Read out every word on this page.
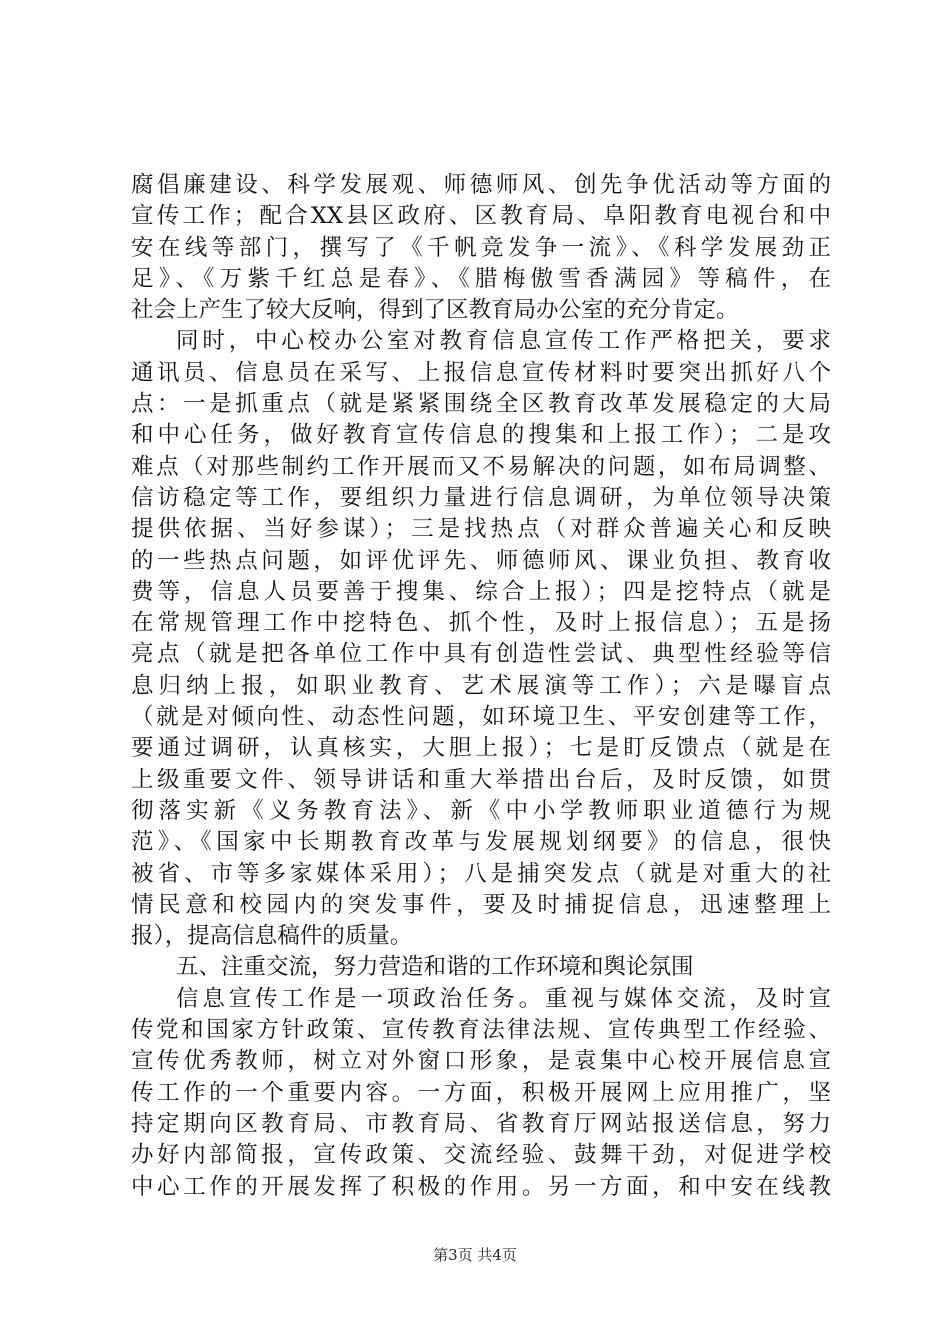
腐倡廉建设、科学发展观、师德师风、创先争优活动等方面的
宣传工作；配合XX县区政府、区教育局、阜阳教育电视台和中
安在线等部门，撰写了《千帆竞发争一流》、《科学发展劲正
足》、《万紫千红总是春》、《腊梅傲雪香满园》等稿件，在
社会上产生了较大反响，得到了区教育局办公室的充分肯定。
同时，中心校办公室对教育信息宣传工作严格把关，要求
通讯员、信息员在采写、上报信息宣传材料时要突出抓好八个
点：一是抓重点（就是紧紧围绕全区教育改革发展稳定的大局
和中心任务，做好教育宣传信息的搜集和上报工作）；二是攻
难点（对那些制约工作开展而又不易解决的问题，如布局调整、
信访稳定等工作，要组织力量进行信息调研，为单位领导决策
提供依据、当好参谋）；三是找热点（对群众普遍关心和反映
的一些热点问题，如评优评先、师德师风、课业负担、教育收
费等，信息人员要善于搜集、综合上报）；四是挖特点（就是
在常规管理工作中挖特色、抓个性，及时上报信息）；五是扬
亮点（就是把各单位工作中具有创造性尝试、典型性经验等信
息归纳上报，如职业教育、艺术展演等工作）；六是曝盲点
（就是对倾向性、动态性问题，如环境卫生、平安创建等工作，
要通过调研，认真核实，大胆上报）；七是盯反馈点（就是在
上级重要文件、领导讲话和重大举措出台后，及时反馈，如贯
彻落实新《义务教育法》、新《中小学教师职业道德行为规
范》、《国家中长期教育改革与发展规划纲要》的信息，很快
被省、市等多家媒体采用）；八是捕突发点（就是对重大的社
情民意和校园内的突发事件，要及时捕捉信息，迅速整理上
报），提高信息稿件的质量。
五、注重交流，努力营造和谐的工作环境和舆论氛围
信息宣传工作是一项政治任务。重视与媒体交流，及时宣
传党和国家方针政策、宣传教育法律法规、宣传典型工作经验、
宣传优秀教师，树立对外窗口形象，是袁集中心校开展信息宣
传工作的一个重要内容。一方面，积极开展网上应用推广，坚
持定期向区教育局、市教育局、省教育厅网站报送信息，努力
办好内部简报，宣传政策、交流经验、鼓舞干劲，对促进学校
中心工作的开展发挥了积极的作用。另一方面，和中安在线教
第3页 共4页
